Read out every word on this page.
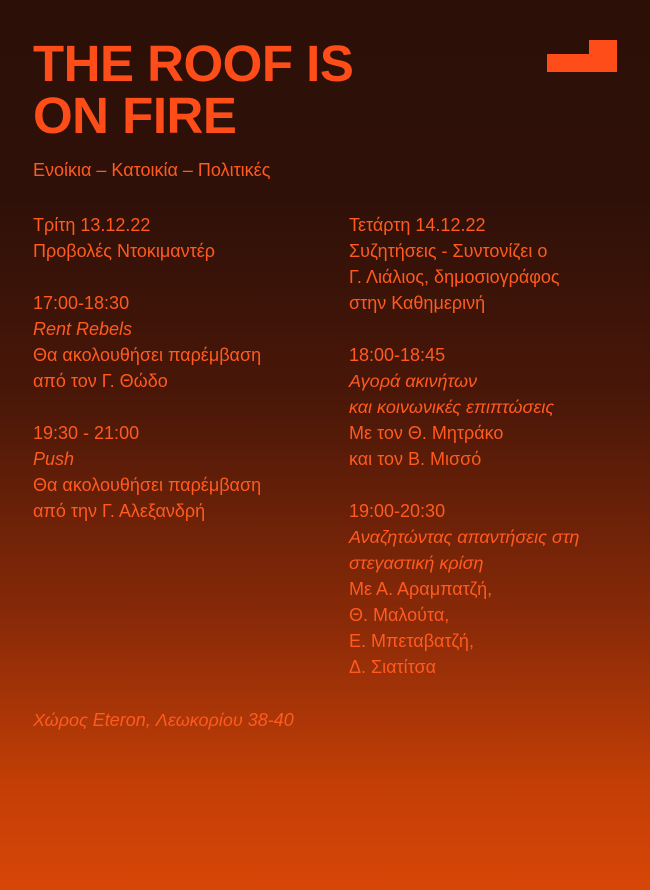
THE ROOF IS
ON FIRE
Ενοίκια – Κατοικία – Πολιτικές
Τρίτη 13.12.22
Προβολές Ντοκιμαντέρ
17:00-18:30
Rent Rebels
Θα ακολουθήσει παρέμβαση
από τον Γ. Θώδο
19:30 - 21:00
Push
Θα ακολουθήσει παρέμβαση
από την Γ. Αλεξανδρή
Τετάρτη 14.12.22
Συζητήσεις - Συντονίζει ο
Γ. Λιάλιος, δημοσιογράφος
στην Καθημερινή
18:00-18:45
Αγορά ακινήτων
και κοινωνικές επιπτώσεις
Με τον Θ. Μητράκο
και τον Β. Μισσό
19:00-20:30
Αναζητώντας απαντήσεις στη
στεγαστική κρίση
Με Α. Αραμπατζή,
Θ. Μαλούτα,
Ε. Μπεταβατζή,
Δ. Σιατίτσα
Χώρος Eteron, Λεωκορίου 38-40
